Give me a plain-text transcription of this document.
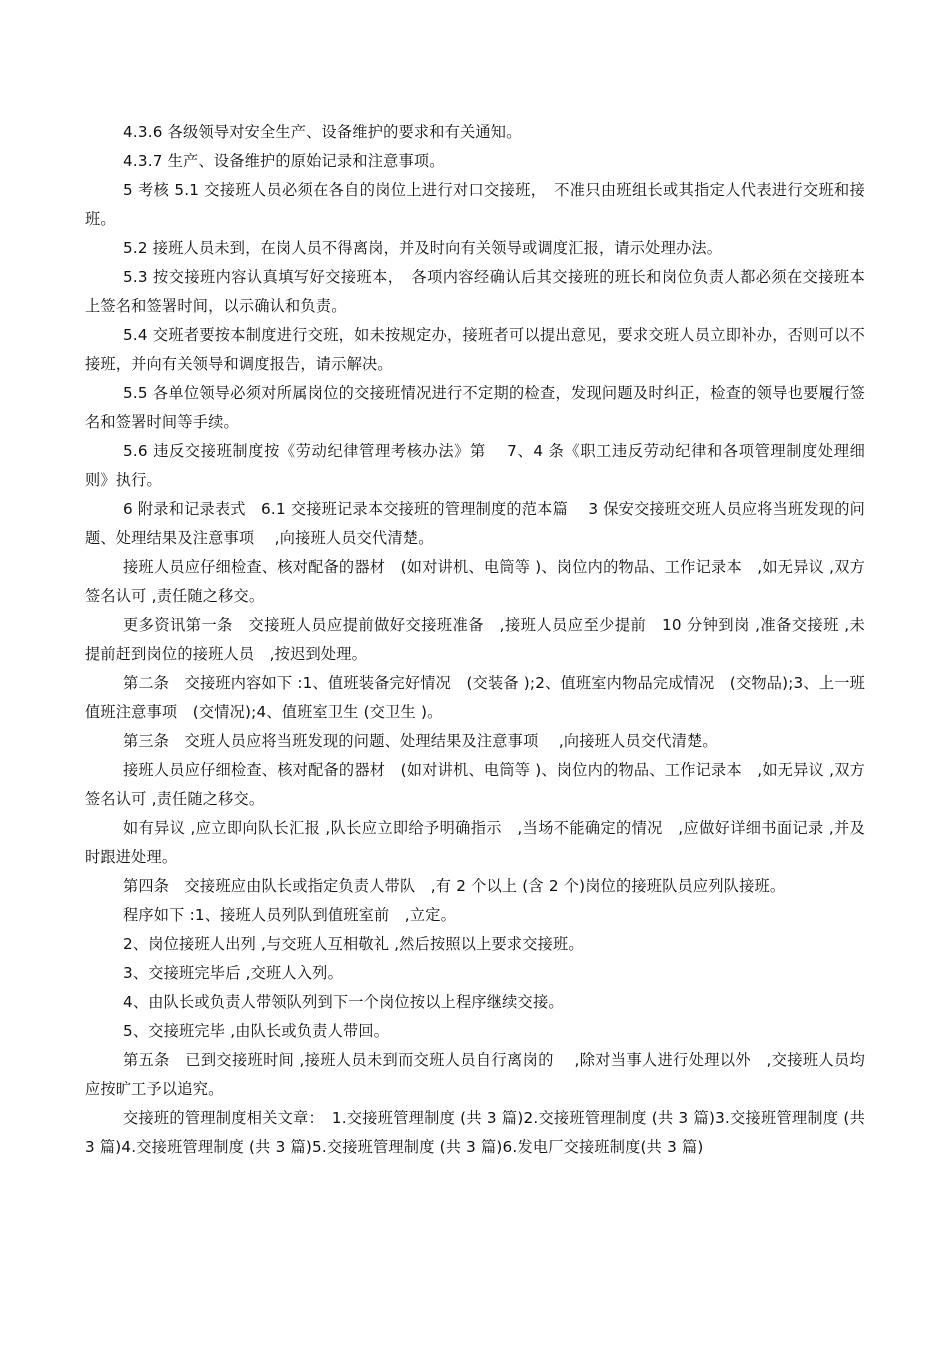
4.3.6 各级领导对安全生产、设备维护的要求和有关通知。

4.3.7 生产、设备维护的原始记录和注意事项。

5 考核 5.1 交接班人员必须在各自的岗位上进行对口交接班，　不准只由班组长或其指定人代表进行交班和接班。

5.2 接班人员未到，在岗人员不得离岗，并及时向有关领导或调度汇报，请示处理办法。

5.3 按交接班内容认真填写好交接班本，　各项内容经确认后其交接班的班长和岗位负责人都必须在交接班本上签名和签署时间，以示确认和负责。

5.4 交班者要按本制度进行交班，如未按规定办，接班者可以提出意见，要求交班人员立即补办，否则可以不接班，并向有关领导和调度报告，请示解决。

5.5 各单位领导必须对所属岗位的交接班情况进行不定期的检查，发现问题及时纠正，检查的领导也要履行签名和签署时间等手续。

5.6 违反交接班制度按《劳动纪律管理考核办法》第　 7、4 条《职工违反劳动纪律和各项管理制度处理细则》执行。

6 附录和记录表式　6.1 交接班记录本交接班的管理制度的范本篇　 3 保安交接班交班人员应将当班发现的问题、处理结果及注意事项　 ,向接班人员交代清楚。

接班人员应仔细检查、核对配备的器材　(如对讲机、电筒等 )、岗位内的物品、工作记录本　,如无异议 ,双方签名认可 ,责任随之移交。

更多资讯第一条　交接班人员应提前做好交接班准备　,接班人员应至少提前　10 分钟到岗 ,准备交接班 ,未提前赶到岗位的接班人员　,按迟到处理。

第二条　交接班内容如下 :1、值班装备完好情况　(交装备 );2、值班室内物品完成情况　(交物品);3、上一班值班注意事项　(交情况);4、值班室卫生 (交卫生 )。

第三条　交班人员应将当班发现的问题、处理结果及注意事项　 ,向接班人员交代清楚。

接班人员应仔细检查、核对配备的器材　(如对讲机、电筒等 )、岗位内的物品、工作记录本　,如无异议 ,双方签名认可 ,责任随之移交。

如有异议 ,应立即向队长汇报 ,队长应立即给予明确指示　,当场不能确定的情况　,应做好详细书面记录 ,并及时跟进处理。

第四条　交接班应由队长或指定负责人带队　,有 2 个以上 (含 2 个)岗位的接班队员应列队接班。

程序如下 :1、接班人员列队到值班室前　,立定。

2、岗位接班人出列 ,与交班人互相敬礼 ,然后按照以上要求交接班。

3、交接班完毕后 ,交班人入列。

4、由队长或负责人带领队列到下一个岗位按以上程序继续交接。

5、交接班完毕 ,由队长或负责人带回。

第五条　已到交接班时间 ,接班人员未到而交班人员自行离岗的　 ,除对当事人进行处理以外　,交接班人员均应按旷工予以追究。

交接班的管理制度相关文章：　1.交接班管理制度 (共 3 篇)2.交接班管理制度 (共 3 篇)3.交接班管理制度 (共 3 篇)4.交接班管理制度 (共 3 篇)5.交接班管理制度 (共 3 篇)6.发电厂交接班制度(共 3 篇)
